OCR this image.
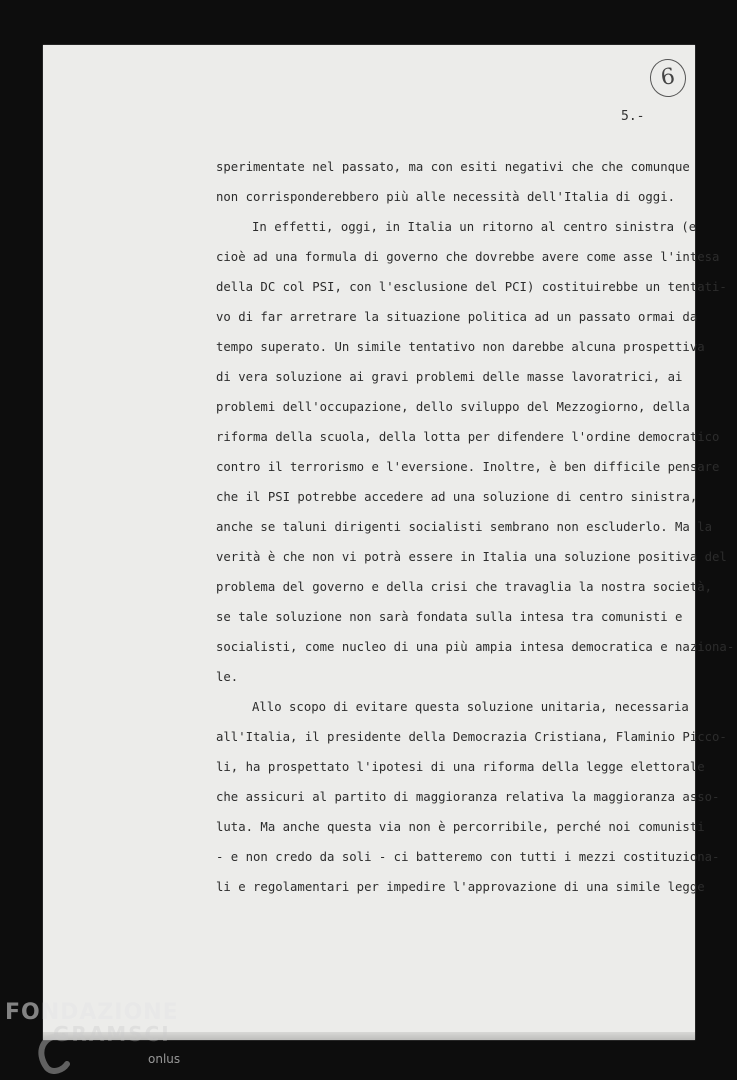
6
5.-
sperimentate nel passato, ma con esiti negativi che che comunque
non corrisponderebbero più alle necessità dell'Italia di oggi.
In effetti, oggi, in Italia un ritorno al centro sinistra (e
cioè ad una formula di governo che dovrebbe avere come asse l'intesa
della DC col PSI, con l'esclusione del PCI) costituirebbe un tentati-
vo di far arretrare la situazione politica ad un passato ormai da
tempo superato. Un simile tentativo non darebbe alcuna prospettiva
di vera soluzione ai gravi problemi delle masse lavoratrici, ai
problemi dell'occupazione, dello sviluppo del Mezzogiorno, della
riforma della scuola, della lotta per difendere l'ordine democratico
contro il terrorismo e l'eversione. Inoltre, è ben difficile pensare
che il PSI potrebbe accedere ad una soluzione di centro sinistra,
anche se taluni dirigenti socialisti sembrano non escluderlo. Ma la
verità è che non vi potrà essere in Italia una soluzione positiva del
problema del governo e della crisi che travaglia la nostra società,
se tale soluzione non sarà fondata sulla intesa tra comunisti e
socialisti, come nucleo di una più ampia intesa democratica e naziona-
le.
Allo scopo di evitare questa soluzione unitaria, necessaria
all'Italia, il presidente della Democrazia Cristiana, Flaminio Picco-
li, ha prospettato l'ipotesi di una riforma della legge elettorale
che assicuri al partito di maggioranza relativa la maggioranza asso-
luta. Ma anche questa via non è percorribile, perché noi comunisti
- e non credo da soli - ci batteremo con tutti i mezzi costituziona-
li e regolamentari per impedire l'approvazione di una simile legge
FONDAZIONE
GRAMSCI
onlus
